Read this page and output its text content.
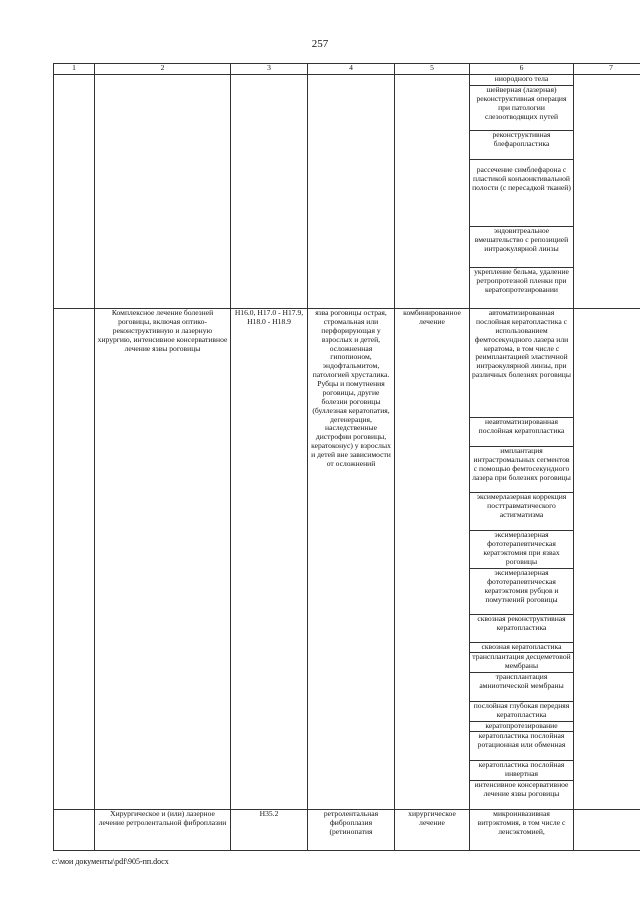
257
1	2	3	4	5	6	7
					ниородного тела	
					шейверная (лазерная) реконструктивная операция при патологии слезоотводящих путей	
					реконструктивная блефаропластика	
					рассечение симблефарона с пластикой конъюнктивальной полости (с пересадкой тканей)	
					эндовитреальное вмешательство с репозицией интраокулярной линзы	
					укрепление бельма, удаление ретропротезной пленки при кератопротезировании	
	Комплексное лечение болезней роговицы, включая оптико-реконструктивную и лазерную хирургию, интенсивное консервативное лечение язвы роговицы	H16.0, H17.0 - H17.9, H18.0 - H18.9	язва роговицы острая, стромальная или перфорирующая у взрослых и детей, осложненная гипопионом, эндофтальмитом, патологией хрусталика. Рубцы и помутнения роговицы, другие болезни роговицы (буллезная кератопатия, дегенерация, наследственные дистрофии роговицы, кератоконус) у взрослых и детей вне зависимости от осложнений	комбинированное лечение	автоматизированная послойная кератопластика с использованием фемтосекундного лазера или кератома, в том числе с реимплантацией эластичной интраокулярной линзы, при различных болезнях роговицы	
					неавтоматизированная послойная кератопластика	
					имплантация интрастромальных сегментов с помощью фемтосекундного лазера при болезнях роговицы	
					эксимерлазерная коррекция посттравматического астигматизма	
					эксимерлазерная фототерапевтическая кератэктомия при язвах роговицы	
					эксимерлазерная фототерапевтическая кератэктомия рубцов и помутнений роговицы	
					сквозная реконструктивная кератопластика	
					сквозная кератопластика	
					трансплантация десцеметовой мембраны	
					трансплантация амниотической мембраны	
					послойная глубокая передняя кератопластика	
					кератопротезирование	
					кератопластика послойная ротационная или обменная	
					кератопластика послойная инвертная	
					интенсивное консервативное лечение язвы роговицы	
	Хирургическое и (или) лазерное лечение ретролентальной фиброплазии	H35.2	ретролентальная фиброплазия (ретинопатия	хирургическое лечение	микроинвазивная витрэктомия, в том числе с ленсэктомией,	
c:\мои документы\pdf\905-пп.docx
